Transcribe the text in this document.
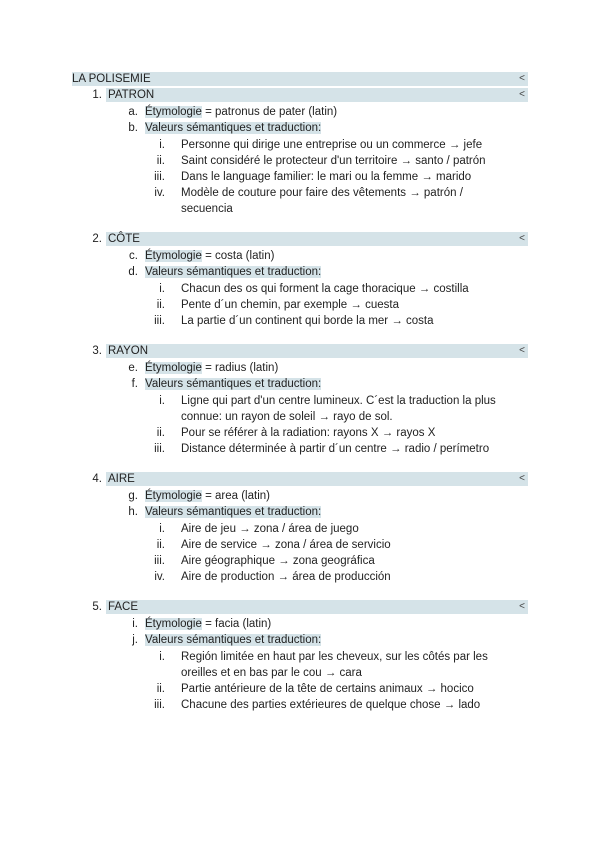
LA POLISEMIE	<
1. PATRON	<
a. Étymologie = patronus de pater (latin)
b. Valeurs sémantiques et traduction:
i. Personne qui dirige une entreprise ou un commerce → jefe
ii. Saint considéré le protecteur d'un territoire → santo / patrón
iii. Dans le language familier: le mari ou la femme → marido
iv. Modèle de couture pour faire des vêtements → patrón / secuencia
2. CÔTE	<
c. Étymologie = costa (latin)
d. Valeurs sémantiques et traduction:
i. Chacun des os qui forment la cage thoracique → costilla
ii. Pente d´un chemin, par exemple → cuesta
iii. La partie d´un continent qui borde la mer → costa
3. RAYON	<
e. Étymologie = radius (latin)
f. Valeurs sémantiques et traduction:
i. Ligne qui part d'un centre lumineux. C´est la traduction la plus connue: un rayon de soleil → rayo de sol.
ii. Pour se référer à la radiation: rayons X → rayos X
iii. Distance déterminée à partir d´un centre → radio / perímetro
4. AIRE	<
g. Étymologie = area (latin)
h. Valeurs sémantiques et traduction:
i. Aire de jeu → zona / área de juego
ii. Aire de service → zona / área de servicio
iii. Aire géographique → zona geográfica
iv. Aire de production → área de producción
5. FACE	<
i. Étymologie = facia (latin)
j. Valeurs sémantiques et traduction:
i. Región limitée en haut par les cheveux, sur les côtés par les oreilles et en bas par le cou → cara
ii. Partie antérieure de la tête de certains animaux → hocico
iii. Chacune des parties extérieures de quelque chose → lado
